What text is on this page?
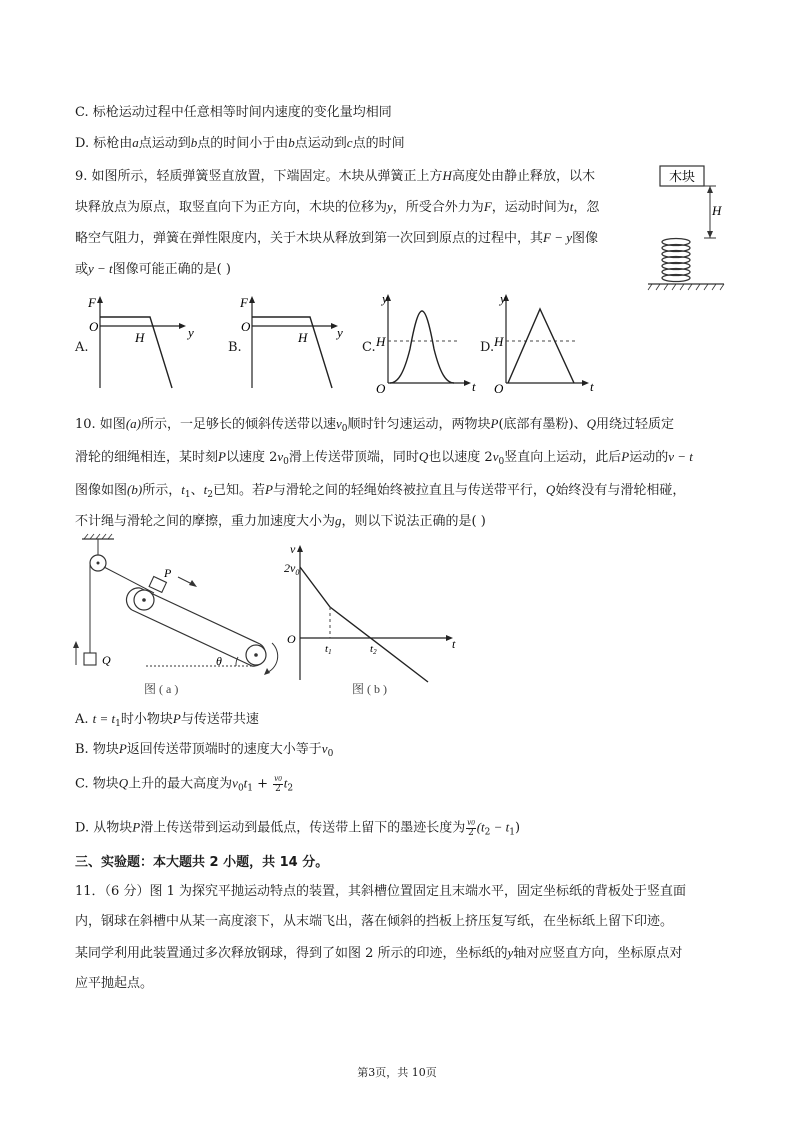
C. 标枪运动过程中任意相等时间内速度的变化量均相同
D. 标枪由a点运动到b点的时间小于由b点运动到c点的时间
9. 如图所示，轻质弹簧竖直放置，下端固定。木块从弹簧正上方H高度处由静止释放，以木
块释放点为原点，取竖直向下为正方向，木块的位移为y，所受合外力为F，运动时间为t，忽
略空气阻力，弹簧在弹性限度内，关于木块从释放到第一次回到原点的过程中，其F − y图像
或y − t图像可能正确的是( )
木块
H
A.
F
O
H	y
B.
F
O
H y
C.
y
O
H
t
D.
y
O
H
t
10. 如图(a)所示，一足够长的倾斜传送带以速$v_0$顺时针匀速运动，两物块P(底部有墨粉)、Q用绕过轻质定
滑轮的细绳相连，某时刻P以速度 $2v_0$滑上传送带顶端，同时Q也以速度 $2v_0$竖直向上运动，此后P运动的v − t
图像如图(b)所示，$t_1$、$t_2$已知。若P与滑轮之间的轻绳始终被拉直且与传送带平行，Q始终没有与滑轮相碰，
不计绳与滑轮之间的摩擦，重力加速度大小为g，则以下说法正确的是( )
Q
P
θ
图 ( a )
v
$2v_0$
O
t1	t2
t
图 ( b )
A. $t = t_1$时小物块P与传送带共速
B. 物块P返回传送带顶端时的速度大小等于$v_0$
C. 物块Q上升的最大高度为$v_0t_1 + \frac{v0}{2} t_2$
D. 从物块P滑上传送带到运动到最低点，传送带上留下的墨迹长度为 $\frac{v0}{2} (t_2 - t_1)$
三、实验题：本大题共 2 小题，共 14 分。
11．（6 分）图 1 为探究平抛运动特点的装置，其斜槽位置固定且末端水平，固定坐标纸的背板处于竖直面
内，钢球在斜槽中从某一高度滚下，从末端飞出，落在倾斜的挡板上挤压复写纸，在坐标纸上留下印迹。
某同学利用此装置通过多次释放钢球，得到了如图 2 所示的印迹，坐标纸的y轴对应竖直方向，坐标原点对
应平抛起点。
第3页，共 10页
